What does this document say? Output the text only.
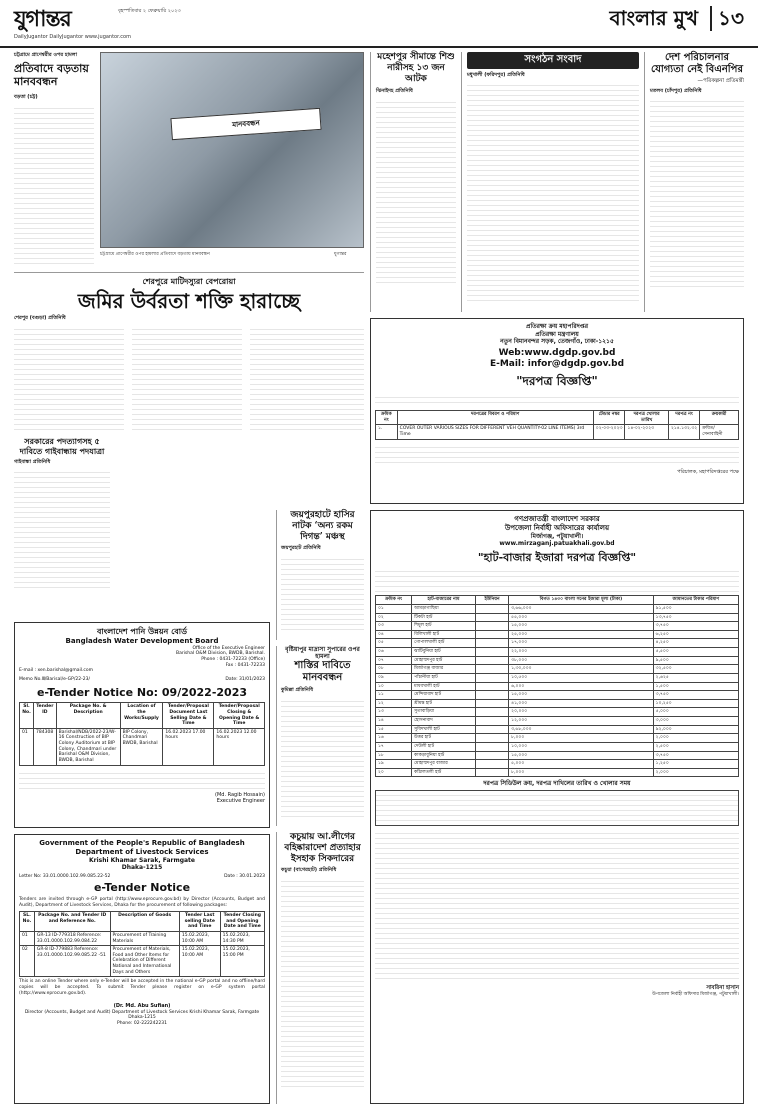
যুগান্তর	বৃহস্পতিবার ২ ফেব্রুয়ারি ২০২৩
DailyJugantor DailyJugantor www.jugantor.com
বাংলার মুখ	১৩
চট্টগ্রামে প্রাণেশ্বরীর ওপর হামলা
প্রতিবাদে বড়তায় মানববন্ধন
বড়তা (চট্ট)
মানববন্ধন
চট্টগ্রামে প্রাণেশ্বরীর ওপর হামলার প্রতিবাদে বড়তায় মানববন্ধন	যুগান্তর
মহেশপুর সীমান্তে শিশু নারীসহ ১৩ জন আটক
ঝিনাইদহ প্রতিনিধি
সংগঠন সংবাদ
মধুখালী (ফরিদপুর) প্রতিনিধি
দেশ পরিচালনার যোগ্যতা নেই বিএনপির
—পরিকল্পনা প্রতিমন্ত্রী
মতলব (চাঁদপুর) প্রতিনিধি
শেরপুরে মাটিদস্যুরা বেপরোয়া
জমির উর্বরতা শক্তি হারাচ্ছে
শেরপুর (বগুড়া) প্রতিনিধি
সরকারের পদত্যাগসহ ৫ দাবিতে গাইবান্ধায় পদযাত্রা
গাইবান্ধা প্রতিনিধি
প্রতিরক্ষা ক্রয় মহাপরিদপ্তর
প্রতিরক্ষা মন্ত্রণালয়
নতুন বিমানবন্দর সড়ক, তেজগাঁও, ঢাকা-১২১৫
Web:www.dgdp.gov.bd
E-Mail: infor@dgdp.gov.bd
"দরপত্র বিজ্ঞপ্তি"
ক্রমিক নং	দরপত্রের বিবরণ ও পরিমাণ	টেন্ডার নম্বর	দরপত্র খোলার তারিখ	দরপত্র নং	ক্রয়কারী
১.	COVER OUTER VARIOUS SIZES FOR DIFFERENT VEH QUANTITY-02 LINE ITEMS) 3rd Time	০২-০৩-২০২৩	১৪-০২-২০২৩	২১৪.১৩২.৩২	ক্রয়িত/ সেনাবাহিনী
পরিচালক, মহাপরিদপ্তরের পক্ষে
বাংলাদেশ পানি উন্নয়ন বোর্ড
Bangladesh Water Development Board
Office of the Executive Engineer
Barishal O&M Division, BWDB, Barishal.
Phone : 0431-72233 (Office)
Fax : 0431-72233
E-mail : xen.barishal@gmail.com
Memo No.Ⅲ/Barisal/e-GP/22-23/	Date: 31/01/2023
e-Tender Notice No: 09/2022-2023
Sl. No.	Tender ID	Package No. & Description	Location of the Works/Supply	Tender/Proposal Document Last Selling Date & Time	Tender/Proposal Closing & Opening Date & Time
01	784308	Barishal/NDB/2022-23/W-16 Construction of BIP Colony Auditorium at BIP Colony, Chandmari under Barishal O&M Division, BWDB, Barishal	BIP Colony, Chandmari BWDB, Barishal	16.02.2023 17.00 hours	16.02.2023 12.00 hours
(Md. Ragib Hossain)
Executive Engineer
জয়পুরহাটে হাসির নাটক ‘অন্য রকম দিগন্ত’ মঞ্চস্থ
জয়পুরহাট প্রতিনিধি
বৃষ্টিয়াপুর মাদ্রাসা সুপারের ওপর হামলা
শাস্তির দাবিতে মানববন্ধন
কুমিল্লা প্রতিনিধি
কচুয়ায় আ.লীগের বহিষ্কারাদেশ প্রত্যাহার ইসহাক সিকদারের
কচুয়া (বাগেরহাট) প্রতিনিধি
Government of the People's Republic of Bangladesh
Department of Livestock Services
Krishi Khamar Sarak, Farmgate
Dhaka-1215
Letter No: 33.01.0000.102.99.085.22-52	Date : 30.01.2023
e-Tender Notice
Tenders are invited through e-GP portal (http://www.eprocure.gov.bd) by Director (Accounts, Budget and Audit), Department of Livestock Services, Dhaka for the procurement of following packages:
SL. No.	Package No. and Tender ID and Reference No.	Description of Goods	Tender Last selling Date and Time	Tender Closing and Opening Date and Time
01	GR-13 ID-779318 Reference: 33.01.0000.102.99.084.22	Procurement of Training Materials	15.02.2023, 10:00 AM	15.02.2023, 14:30 PM
02	GR-8 ID-779883 Reference: 33.01.0000.102.99.085.22 -51	Procurement of Materials, Food and Other Items for Celebration of Different National and International Days and Others	15.02.2023, 10:00 AM	15.02.2023, 15:00 PM
This is an online Tender where only e-Tender will be accepted in the national e-GP portal and no offline/hard copies will be accepted. To submit Tender please register on e-GP system portal (http://www.eprocure.gov.bd).
(Dr. Md. Abu Sufian)
Director (Accounts, Budget and Audit) Department of Livestock Services Krishi Khamar Sarak, Farmgate Dhaka-1215
Phone: 02-222242231
গণপ্রজাতন্ত্রী বাংলাদেশ সরকার
উপজেলা নির্বাহী অফিসারের কার্যালয়
মির্জাগঞ্জ, পটুয়াখালী।
www.mirzaganj.patuakhali.gov.bd
"হাট-বাজার ইজারা দরপত্র বিজ্ঞপ্তি"
ক্রমিক নং	হাট-বাজারের নাম	ইউনিয়ন	বিগত ১৪৩০ বাংলা সনের ইজারা মূল্য (টাকা)	জামানতের টাকার পরিমাণ
০১	আমড়াগাছিয়া		৩,৬৬,০০০	৯১,৫০০
০২	টিকটা হাট		৫৫,০০০	১৩,৭৫০
০৩	শিমুল হাট		১৫,০০০	৩,৭৫০
০৪	বিলিখালী হাট		২৫,০০০	৬,২৫০
০৫	গোপালখালী হাট		১৭,০০০	৪,২৫০
০৬	ঝাটিবুনিয়া হাট		২২,০০০	৫,৫০০
০৭	মোহাম্মদপুর হাট		৩৮,০০০	৯,৫০০
০৮	মির্জাগঞ্জ বাজার		১,৩০,০০০	৩২,৫০০
০৯	পাঁচানীয়া হাট		১০,৫০০	২,৬২৫
১০	মাধবখালী হাট		৬,০০০	১,৫০০
১১	মেন্দিয়াবাদ হাট		১৫,০০০	৩,৭৫০
১২	শ্রীমন্ত হাট		৪১,০০০	১০,২৫০
১৩	সুতাবাড়িয়া		২০,০০০	৫,০০০
১৪	হোসনাবাদ		১২,০০০	৩,০০০
১৫	সুবিদখালী হাট		৩,৬৮,০০০	৯২,০০০
১৬	উত্তর হাট		৮,০০০	২,০০০
১৭	দেউলী হাট		১০,০০০	২,৫০০
১৮	কাকড়াবুনিয়া হাট		১৫,০০০	৩,৭৫০
১৯	মোহাম্মদপুর বাজার		৫,০০০	১,২৫০
২০	কাঁঠালতলী হাট		৮,০০০	২,০০০
দরপত্র সিডিউল ক্রয়, দরপত্র দাখিলের তারিখ ও খোলার সময়
সাবরিনা হাসান
উপজেলা নির্বাহী অফিসার মির্জাগঞ্জ, পটুয়াখালী।
